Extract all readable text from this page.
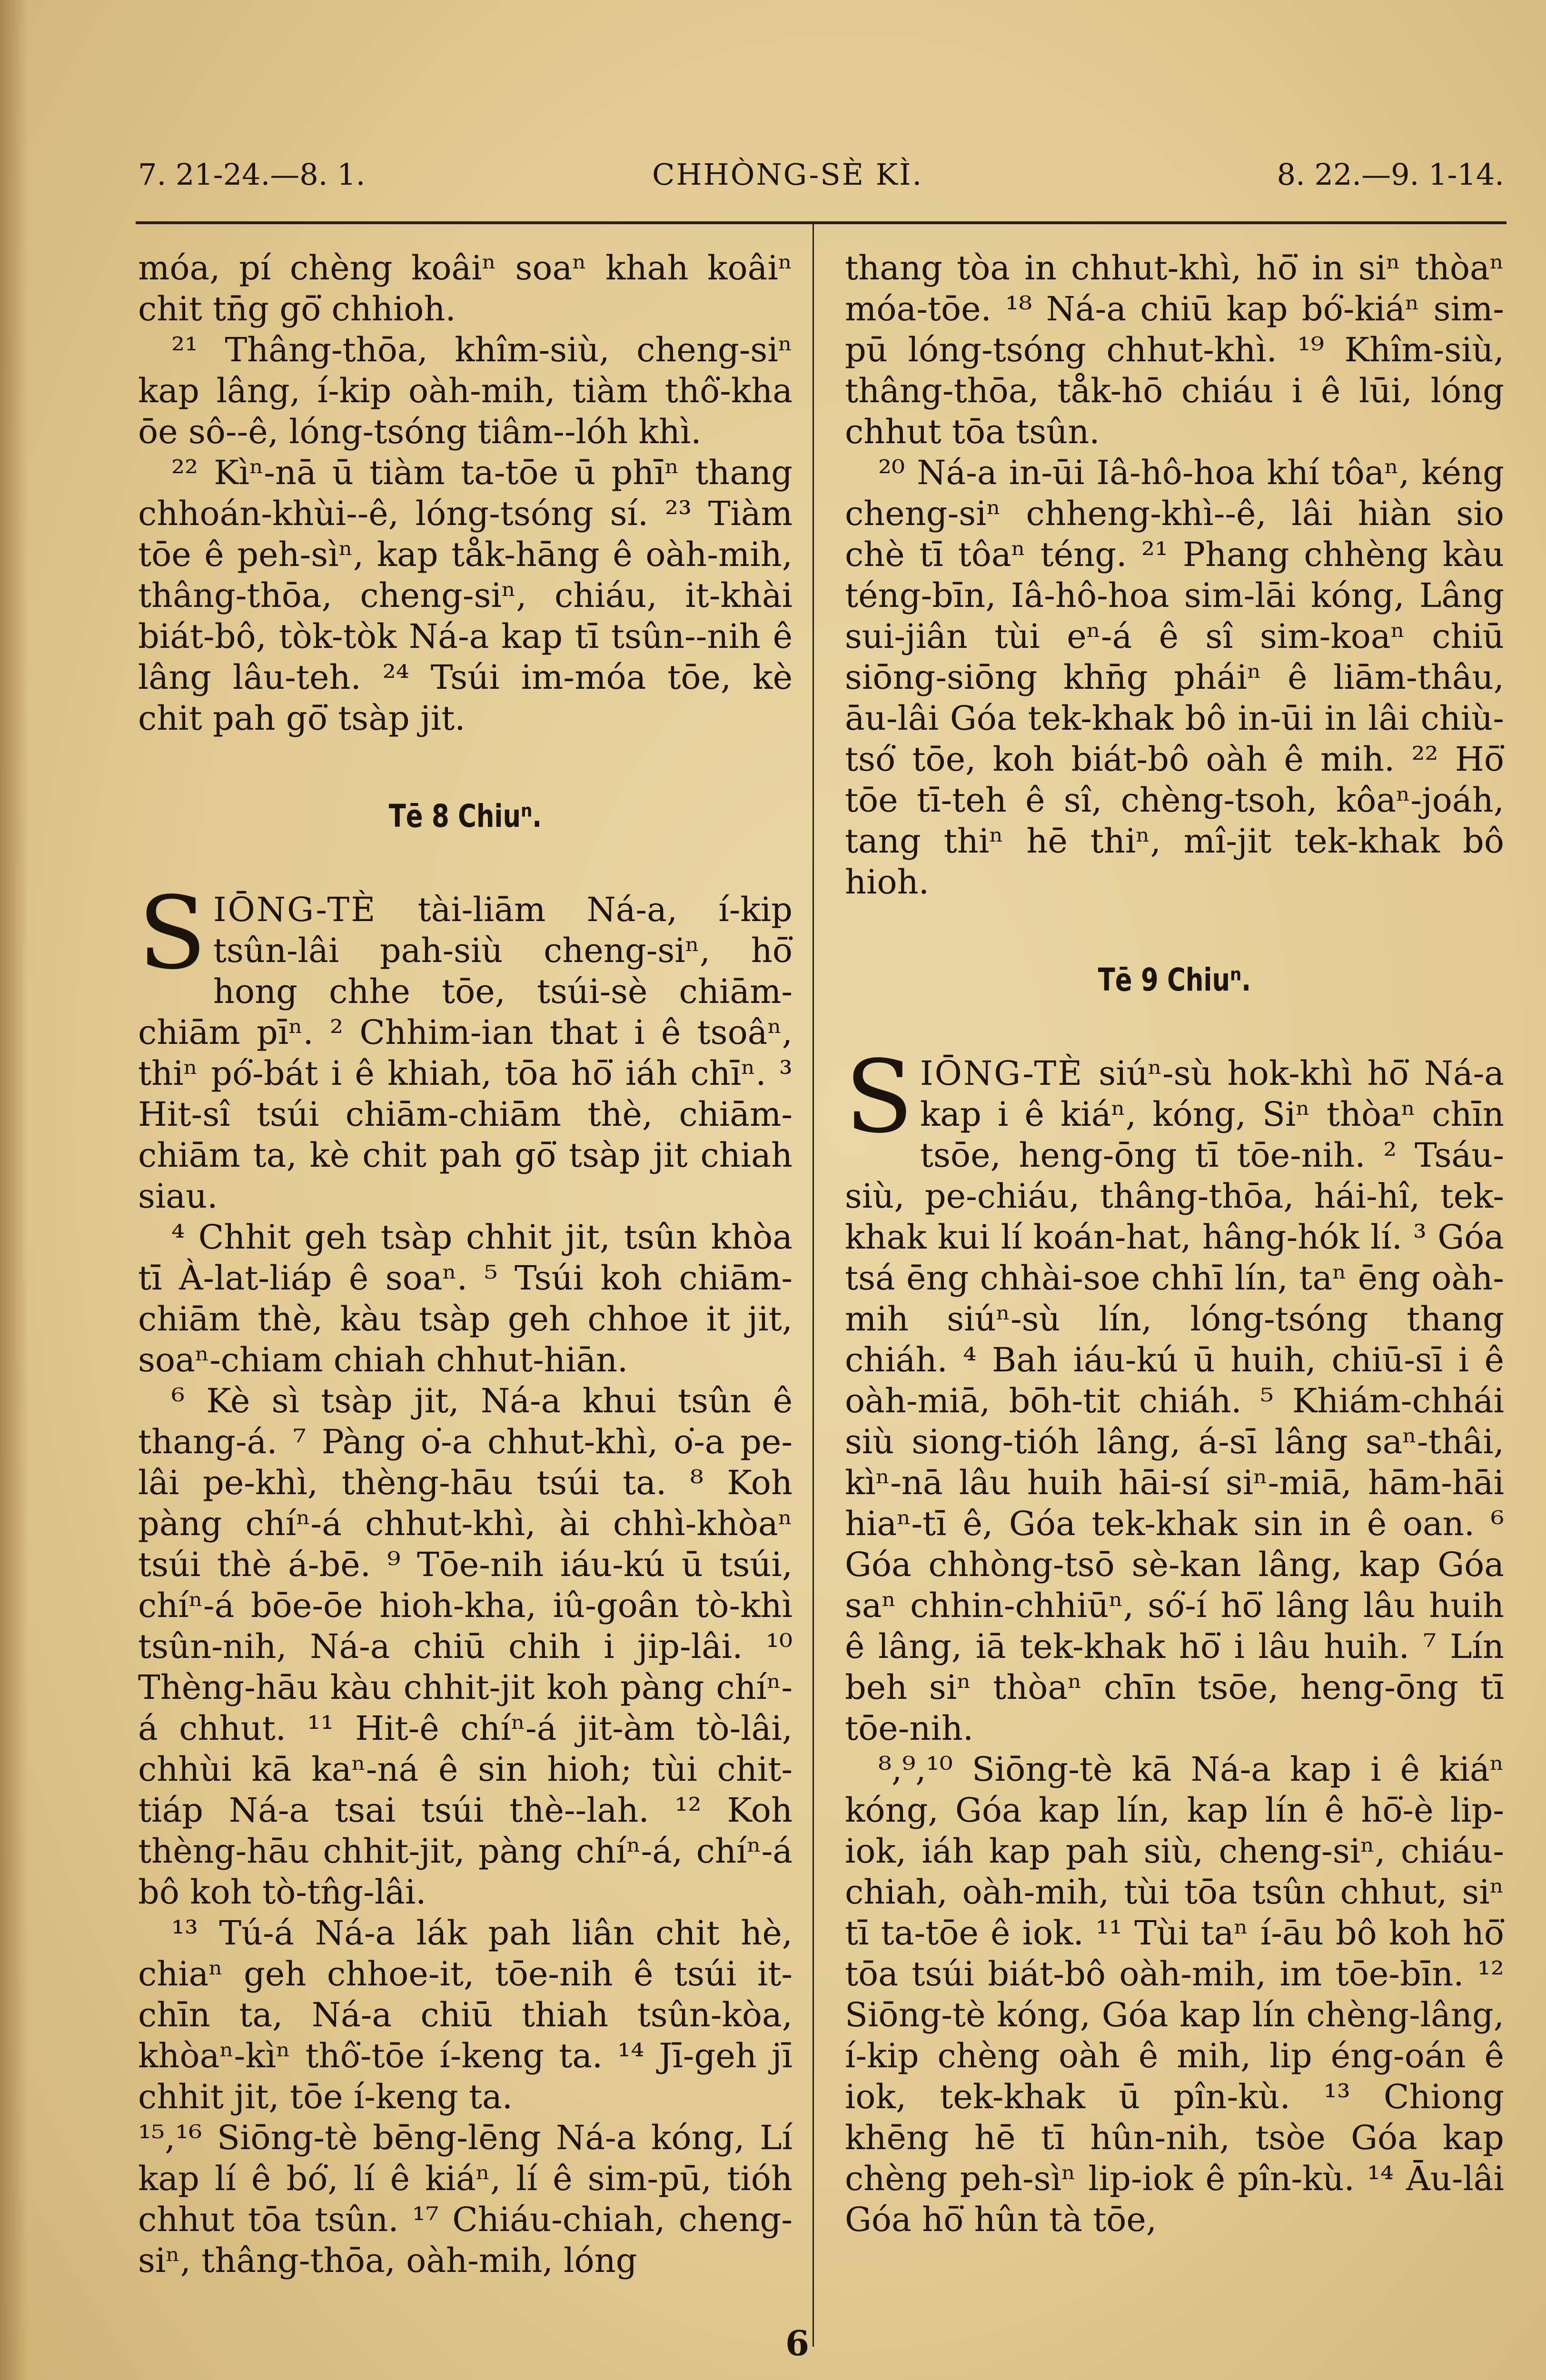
7. 21-24.—8. 1.	CHHÒNG-SÈ KÌ.	8. 22.—9. 1-14.

móa, pí chèng koâiⁿ soaⁿ khah koâiⁿ chit tn̄g gō͘ chhioh.

²¹ Thâng-thōa, khîm-siù, cheng-siⁿ kap lâng, í-kip oàh-mih, tiàm thô͘-kha ōe sô--ê, lóng-tsóng tiâm--lóh khì.

²² Kìⁿ-nā ū tiàm ta-tōe ū phīⁿ thang chhoán-khùi--ê, lóng-tsóng sí. ²³ Tiàm tōe ê peh-sìⁿ, kap tåk-hāng ê oàh-mih, thâng-thōa, cheng-siⁿ, chiáu, it-khài biát-bô, tòk-tòk Ná-a kap tī tsûn--nih ê lâng lâu-teh. ²⁴ Tsúi im-móa tōe, kè chit pah gō͘ tsàp jit.

Tē 8 Chiuⁿ.

SIŌNG-TÈ tài-liām Ná-a, í-kip tsûn-lâi pah-siù cheng-siⁿ, hō͘ hong chhe tōe, tsúi-sè chiām-chiām pīⁿ. ² Chhim-ian that i ê tsoâⁿ, thiⁿ pó͘-bát i ê khiah, tōa hō͘ iáh chīⁿ. ³ Hit-sî tsúi chiām-chiām thè, chiām-chiām ta, kè chit pah gō͘ tsàp jit chiah siau.

⁴ Chhit geh tsàp chhit jit, tsûn khòa tī À-lat-liáp ê soaⁿ. ⁵ Tsúi koh chiām-chiām thè, kàu tsàp geh chhoe it jit, soaⁿ-chiam chiah chhut-hiān.

⁶ Kè sì tsàp jit, Ná-a khui tsûn ê thang-á. ⁷ Pàng o͘-a chhut-khì, o͘-a pe-lâi pe-khì, thèng-hāu tsúi ta. ⁸ Koh pàng chíⁿ-á chhut-khì, ài chhì-khòaⁿ tsúi thè á-bē. ⁹ Tōe-nih iáu-kú ū tsúi, chíⁿ-á bōe-ōe hioh-kha, iû-goân tò-khì tsûn-nih, Ná-a chiū chih i jip-lâi. ¹⁰ Thèng-hāu kàu chhit-jit koh pàng chíⁿ-á chhut. ¹¹ Hit-ê chíⁿ-á jit-àm tò-lâi, chhùi kā kaⁿ-ná ê sin hioh; tùi chit-tiáp Ná-a tsai tsúi thè--lah. ¹² Koh thèng-hāu chhit-jit, pàng chíⁿ-á, chíⁿ-á bô koh tò-tn̂g-lâi.

¹³ Tú-á Ná-a lák pah liân chit hè, chiaⁿ geh chhoe-it, tōe-nih ê tsúi it-chīn ta, Ná-a chiū thiah tsûn-kòa, khòaⁿ-kìⁿ thô͘-tōe í-keng ta. ¹⁴ Jī-geh jī chhit jit, tōe í-keng ta.

¹⁵,¹⁶ Siōng-tè bēng-lēng Ná-a kóng, Lí kap lí ê bó͘, lí ê kiáⁿ, lí ê sim-pū, tióh chhut tōa tsûn. ¹⁷ Chiáu-chiah, cheng-siⁿ, thâng-thōa, oàh-mih, lóng

thang tòa in chhut-khì, hō͘ in siⁿ thòaⁿ móa-tōe. ¹⁸ Ná-a chiū kap bó͘-kiáⁿ sim-pū lóng-tsóng chhut-khì. ¹⁹ Khîm-siù, thâng-thōa, tåk-hō chiáu i ê lūi, lóng chhut tōa tsûn.

²⁰ Ná-a in-ūi Iâ-hô-hoa khí tôaⁿ, kéng cheng-siⁿ chheng-khì--ê, lâi hiàn sio chè tī tôaⁿ téng. ²¹ Phang chhèng kàu téng-bīn, Iâ-hô-hoa sim-lāi kóng, Lâng sui-jiân tùi eⁿ-á ê sî sim-koaⁿ chiū siōng-siōng khn̄g pháiⁿ ê liām-thâu, āu-lâi Góa tek-khak bô in-ūi in lâi chiù-tsó͘ tōe, koh biát-bô oàh ê mih. ²² Hō͘ tōe tī-teh ê sî, chèng-tsoh, kôaⁿ-joáh, tang thiⁿ hē thiⁿ, mî-jit tek-khak bô hioh.

Tē 9 Chiuⁿ.

SIŌNG-TÈ siúⁿ-sù hok-khì hō͘ Ná-a kap i ê kiáⁿ, kóng, Siⁿ thòaⁿ chīn tsōe, heng-ōng tī tōe-nih. ² Tsáu-siù, pe-chiáu, thâng-thōa, hái-hî, tek-khak kui lí koán-hat, hâng-hók lí. ³ Góa tsá ēng chhài-soe chhī lín, taⁿ ēng oàh-mih siúⁿ-sù lín, lóng-tsóng thang chiáh. ⁴ Bah iáu-kú ū huih, chiū-sī i ê oàh-miā, bōh-tit chiáh. ⁵ Khiám-chhái siù siong-tióh lâng, á-sī lâng saⁿ-thâi, kìⁿ-nā lâu huih hāi-sí siⁿ-miā, hām-hāi hiaⁿ-tī ê, Góa tek-khak sin in ê oan. ⁶ Góa chhòng-tsō sè-kan lâng, kap Góa saⁿ chhin-chhiūⁿ, só͘-í hō͘ lâng lâu huih ê lâng, iā tek-khak hō͘ i lâu huih. ⁷ Lín beh siⁿ thòaⁿ chīn tsōe, heng-ōng tī tōe-nih.

⁸,⁹,¹⁰ Siōng-tè kā Ná-a kap i ê kiáⁿ kóng, Góa kap lín, kap lín ê hō͘-è lip-iok, iáh kap pah siù, cheng-siⁿ, chiáu-chiah, oàh-mih, tùi tōa tsûn chhut, siⁿ tī ta-tōe ê iok. ¹¹ Tùi taⁿ í-āu bô koh hō͘ tōa tsúi biát-bô oàh-mih, im tōe-bīn. ¹² Siōng-tè kóng, Góa kap lín chèng-lâng, í-kip chèng oàh ê mih, lip éng-oán ê iok, tek-khak ū pîn-kù. ¹³ Chiong khēng hē tī hûn-nih, tsòe Góa kap chèng peh-sìⁿ lip-iok ê pîn-kù. ¹⁴ Āu-lâi Góa hō͘ hûn tà tōe,

6
